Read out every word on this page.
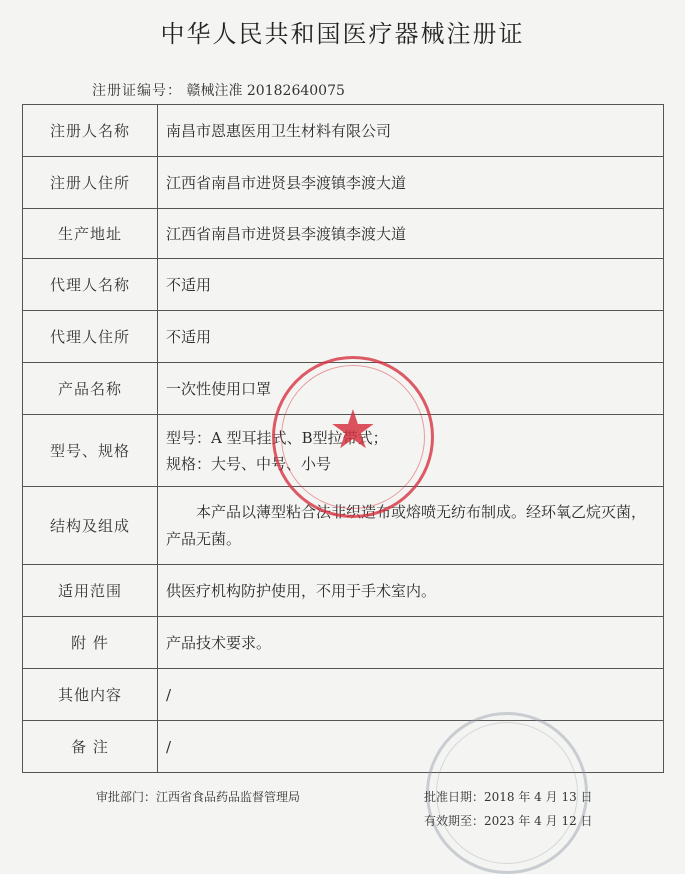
中华人民共和国医疗器械注册证
注册证编号： 赣械注准 20182640075
注册人名称	南昌市恩惠医用卫生材料有限公司
注册人住所	江西省南昌市进贤县李渡镇李渡大道
生产地址	江西省南昌市进贤县李渡镇李渡大道
代理人名称	不适用
代理人住所	不适用
产品名称	一次性使用口罩
型号、规格	型号：A 型耳挂式、B型拉带式；
规格：大号、中号、小号

结构及组成	本产品以薄型粘合法非织造布或熔喷无纺布制成。经环氧乙烷灭菌，产品无菌。
适用范围	供医疗机构防护使用，不用于手术室内。
附 件	产品技术要求。
其他内容	/
备 注	/
★
审批部门：江西省食品药品监督管理局	批准日期：2018 年 4 月 13 日
有效期至：2023 年 4 月 12 日
